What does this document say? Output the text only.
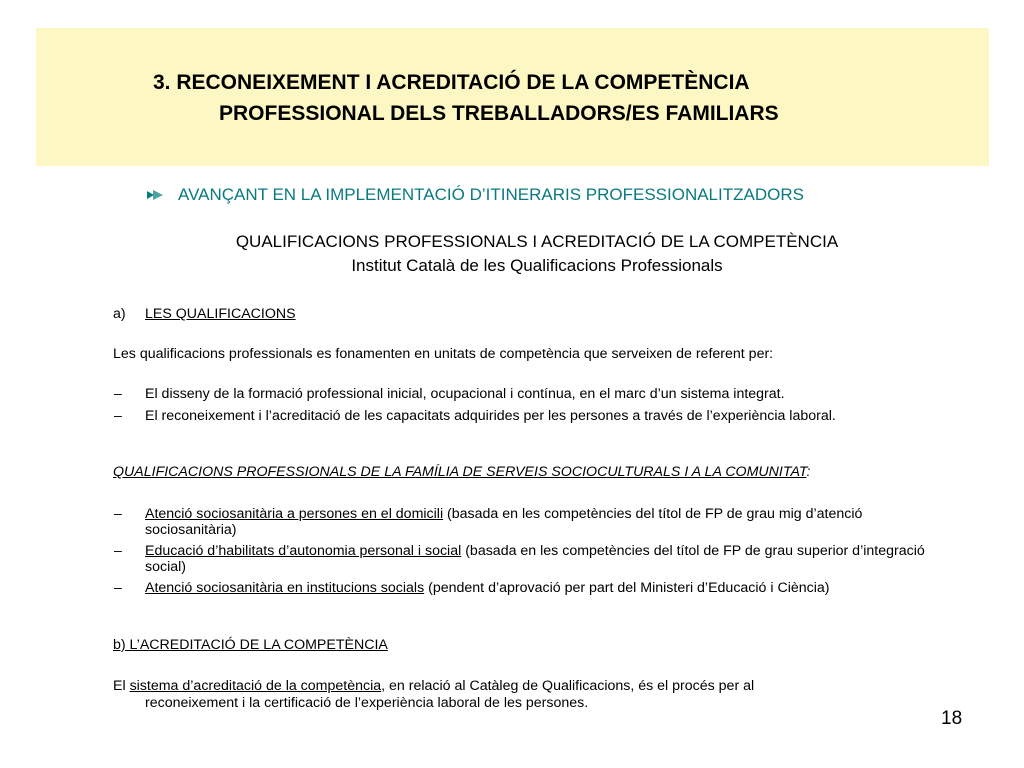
3. RECONEIXEMENT I ACREDITACIÓ DE LA COMPETÈNCIA
PROFESSIONAL DELS TREBALLADORS/ES FAMILIARS
AVANÇANT EN LA IMPLEMENTACIÓ D’ITINERARIS PROFESSIONALITZADORS
QUALIFICACIONS PROFESSIONALS I ACREDITACIÓ DE LA COMPETÈNCIA
Institut Català de les Qualificacions Professionals
a) LES QUALIFICACIONS
Les qualificacions professionals es fonamenten en unitats de competència que serveixen de referent per:
– El disseny de la formació professional inicial, ocupacional i contínua, en el marc d’un sistema integrat.
– El reconeixement i l’acreditació de les capacitats adquirides per les persones a través de l’experiència laboral.
QUALIFICACIONS PROFESSIONALS DE LA FAMÍLIA DE SERVEIS SOCIOCULTURALS I A LA COMUNITAT:
– Atenció sociosanitària a persones en el domicili (basada en les competències del títol de FP de grau mig d’atenció sociosanitària)
– Educació d’habilitats d’autonomia personal i social (basada en les competències del títol de FP de grau superior d’integració social)
– Atenció sociosanitària en institucions socials (pendent d’aprovació per part del Ministeri d’Educació i Ciència)
b) L’ACREDITACIÓ DE LA COMPETÈNCIA
El sistema d’acreditació de la competència, en relació al Catàleg de Qualificacions, és el procés per al
reconeixement i la certificació de l’experiència laboral de les persones.
18
